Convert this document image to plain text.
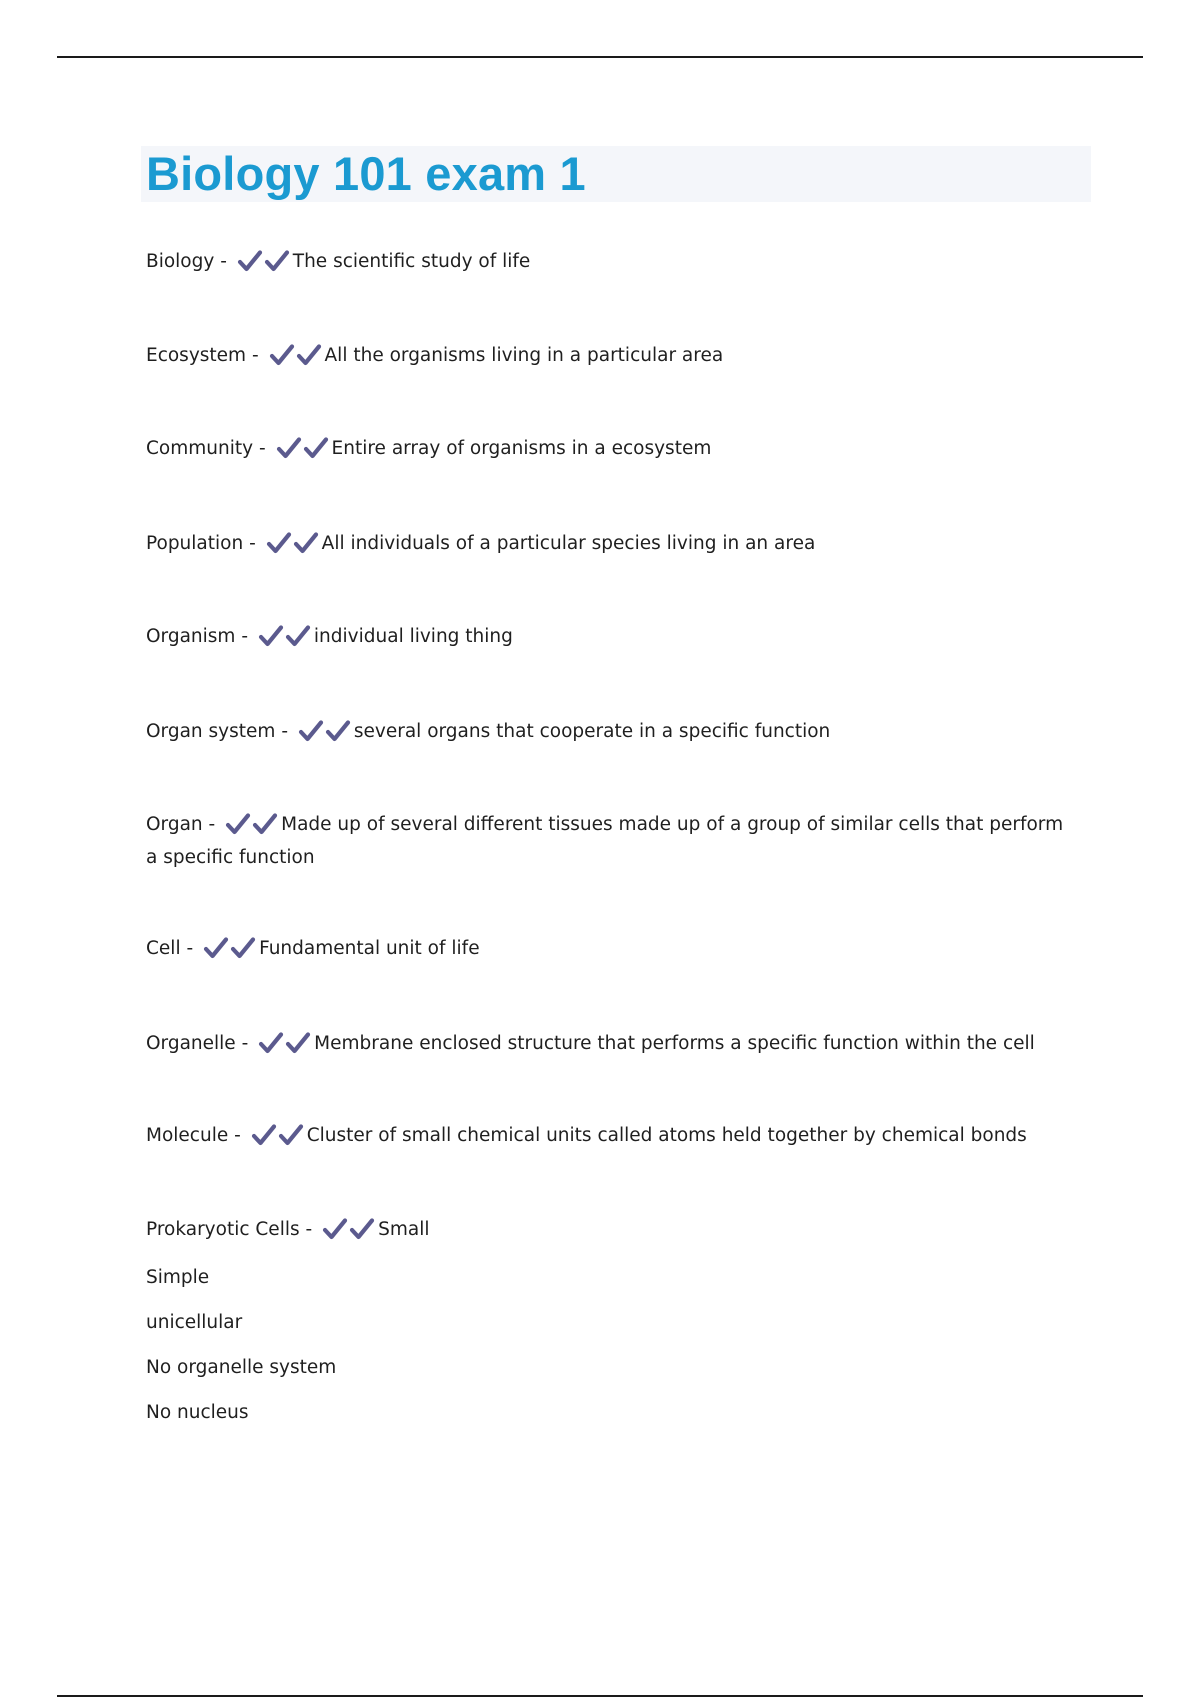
Biology 101 exam 1
Biology -	The scientific study of life
Ecosystem -	All the organisms living in a particular area
Community -	Entire array of organisms in a ecosystem
Population -	All individuals of a particular species living in an area
Organism -	individual living thing
Organ system -	several organs that cooperate in a specific function
Organ -	Made up of several different tissues made up of a group of similar cells that perform a specific function
Cell -	Fundamental unit of life
Organelle -	Membrane enclosed structure that performs a specific function within the cell
Molecule -	Cluster of small chemical units called atoms held together by chemical bonds
Prokaryotic Cells -	Small
Simple
unicellular
No organelle system
No nucleus
